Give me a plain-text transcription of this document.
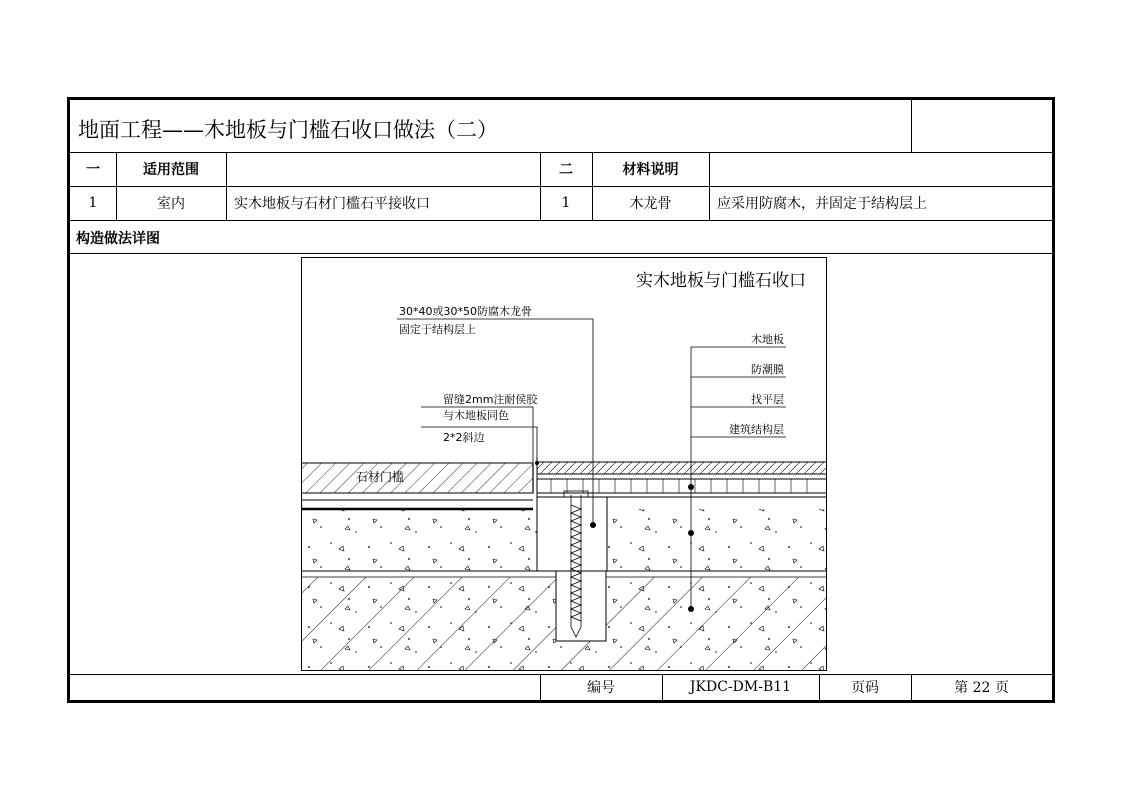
地面工程——木地板与门槛石收口做法（二）
一	适用范围	二	材料说明
1	室内	实木地板与石材门槛石平接收口	1	木龙骨	应采用防腐木，并固定于结构层上
构造做法详图
实木地板与门槛石收口
30*40或30*50防腐木龙骨
固定于结构层上
留缝2mm注耐侯胶
与木地板同色
2*2斜边
石材门槛
木地板
防潮膜
找平层
建筑结构层
编号	JKDC-DM-B11	页码	第 22 页
